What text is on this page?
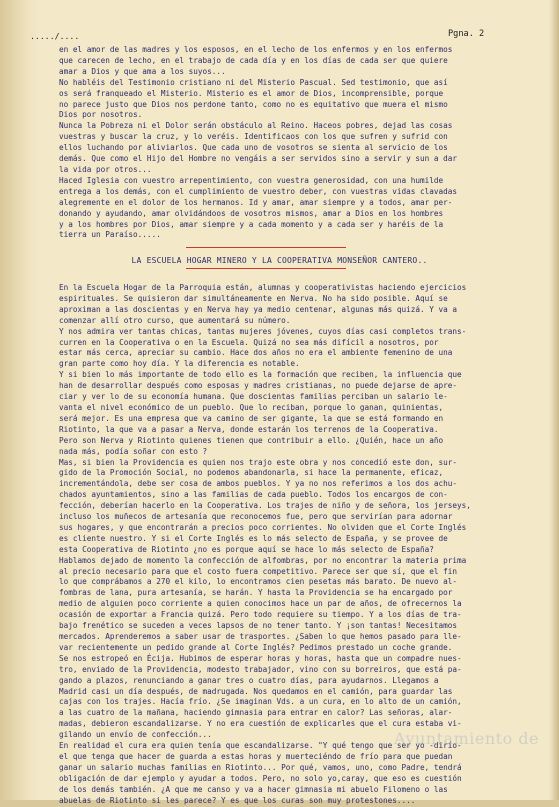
...../....	Pgna. 2

en el amor de las madres y los esposos, en el lecho de los enfermos y en los enfermos
que carecen de lecho, en el trabajo de cada día y en los días de cada ser que quiere
amar a Dios y que ama a los suyos...
No habléis del Testimonio cristiano ni del Misterio Pascual. Sed testimonio, que así
os será franqueado el Misterio. Misterio es el amor de Dios, incomprensible, porque
no parece justo que Dios nos perdone tanto, como no es equitativo que muera el mismo
Dios por nosotros.
Nunca la Pobreza ni el Dolor serán obstáculo al Reino. Haceos pobres, dejad las cosas
vuestras y buscar la cruz, y lo veréis. Identificaos con los que sufren y sufrid con
ellos luchando por aliviarlos. Que cada uno de vosotros se sienta al servicio de los
demás. Que como el Hijo del Hombre no vengáis a ser servidos sino a servir y sun a dar
la vida por otros...
Haced Iglesia con vuestro arrepentimiento, con vuestra generosidad, con una humilde
entrega a los demás, con el cumplimiento de vuestro deber, con vuestras vidas clavadas
alegremente en el dolor de los hermanos. Id y amar, amar siempre y a todos, amar per-
donando y ayudando, amar olvidándoos de vosotros mismos, amar a Dios en los hombres
y a los hombres por Dios, amar siempre y a cada momento y a cada ser y haréis de la
tierra un Paraíso.....

LA ESCUELA HOGAR MINERO Y LA COOPERATIVA MONSEÑOR CANTERO..

En la Escuela Hogar de la Parroquia están, alumnas y cooperativistas haciendo ejercicios
espirituales. Se quisieron dar simultáneamente en Nerva. No ha sido posible. Aquí se
aproximan a las doscientas y en Nerva hay ya medio centenar, algunas más quizá. Y va a
comenzar allí otro curso, que aumentará su número.
Y nos admira ver tantas chicas, tantas mujeres jóvenes, cuyos días casi completos trans-
curren en la Cooperativa o en la Escuela. Quizá no sea más difícil a nosotros, por
estar más cerca, apreciar su cambio. Hace dos años no era el ambiente femenino de una
gran parte como hoy día. Y la diferencia es notable.
Y si bien lo más importante de todo ello es la formación que reciben, la influencia que
han de desarrollar después como esposas y madres cristianas, no puede dejarse de apre-
ciar y ver lo de su economía humana. Que doscientas familias perciban un salario le-
vanta el nivel económico de un pueblo. Que lo reciban, porque lo ganan, quinientas,
será mejor. Es una empresa que va camino de ser gigante, la que se está formando en
Riotinto, la que va a pasar a Nerva, donde estarán los terrenos de la Cooperativa.
Pero son Nerva y Riotinto quienes tienen que contribuir a ello. ¿Quién, hace un año
nada más, podía soñar con esto ?
Mas, si bien la Providencia es quien nos trajo este obra y nos concedió este don, sur-
gido de la Promoción Social, no podemos abandonarla, si hace la permanente, eficaz,
incrementándola, debe ser cosa de ambos pueblos. Y ya no nos referimos a los dos achu-
chados ayuntamientos, sino a las familias de cada pueblo. Todos los encargos de con-
fección, deberían hacerlo en la Cooperativa. Los trajes de niño y de señora, los jerseys,
incluso los muñecos de artesanía que reconocemos fue, pero que servirían para adornar
sus hogares, y que encontrarán a precios poco corrientes. No olviden que el Corte Inglés
es cliente nuestro. Y si el Corte Inglés es lo más selecto de España, y se provee de
esta Cooperativa de Riotinto ¿no es porque aquí se hace lo más selecto de España?
Hablamos dejado de momento la confección de alfombras, por no encontrar la materia prima
al precio necesario para que el costo fuera competitivo. Parece ser que sí, que el fin
lo que comprábamos a 270 el kilo, lo encontramos cien pesetas más barato. De nuevo al-
fombras de lana, pura artesanía, se harán. Y hasta la Providencia se ha encargado por
medio de alguien poco corriente a quien conocimos hace un par de años, de ofrecernos la
ocasión de exportar a Francia quizá. Pero todo requiere su tiempo. Y a los días de tra-
bajo frenético se suceden a veces lapsos de no tener tanto. Y ¡son tantas! Necesitamos
mercados. Aprenderemos a saber usar de trasportes. ¿Saben lo que hemos pasado para lle-
var recientemente un pedido grande al Corte Inglés? Pedimos prestado un coche grande.
Se nos estropeó en Écija. Hubimos de esperar horas y horas, hasta que un compadre nues-
tro, enviado de la Providencia, modesto trabajador, vino con su borreiros, que está pa-
gando a plazos, renunciando a ganar tres o cuatro días, para ayudarnos. Llegamos a
Madrid casi un día después, de madrugada. Nos quedamos en el camión, para guardar las
cajas con los trajes. Hacía frío. ¿Se imaginan Vds. a un cura, en lo alto de un camión,
a las cuatro de la mañana, haciendo gimnasia para entrar en calor? Las señoras, alar-
madas, debieron escandalizarse. Y no era cuestión de explicarles que el cura estaba vi-
gilando un envío de confección...
En realidad el cura era quien tenía que escandalizarse. "Y qué tengo que ser yo -dirío-
el que tenga que hacer de guarda a estas horas y muerteciéndo de frío para que puedan
ganar un salario muchas familias en Riotinto... Por qué, vamos, uno, como Padre, tendrá
obligación de dar ejemplo y ayudar a todos. Pero, no solo yo,caray, que eso es cuestión
de los demás también. ¿A que me canso y va a hacer gimnasia mi abuelo Filomeno o las
abuelas de Riotinto si les parece? Y es que los curas son muy protestones....

Ayuntamiento de
